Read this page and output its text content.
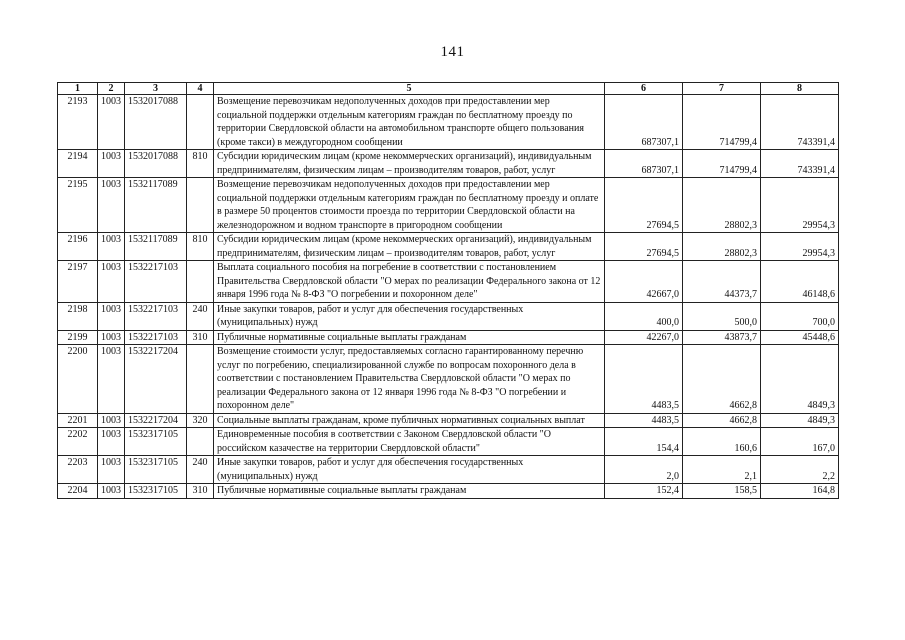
141
1	2	3	4	5	6	7	8
2193	1003	1532017088		Возмещение перевозчикам недополученных доходов при предоставлении мер социальной поддержки отдельным категориям граждан по бесплатному проезду по территории Свердловской области на автомобильном транспорте общего пользования (кроме такси) в междугородном сообщении	687307,1	714799,4	743391,4
2194	1003	1532017088	810	Субсидии юридическим лицам (кроме некоммерческих организаций), индивидуальным предпринимателям, физическим лицам – производителям товаров, работ, услуг	687307,1	714799,4	743391,4
2195	1003	1532117089		Возмещение перевозчикам недополученных доходов при предоставлении мер социальной поддержки отдельным категориям граждан по бесплатному проезду и оплате в размере 50 процентов стоимости проезда по территории Свердловской области на железнодорожном и водном транспорте в пригородном сообщении	27694,5	28802,3	29954,3
2196	1003	1532117089	810	Субсидии юридическим лицам (кроме некоммерческих организаций), индивидуальным предпринимателям, физическим лицам – производителям товаров, работ, услуг	27694,5	28802,3	29954,3
2197	1003	1532217103		Выплата социального пособия на погребение в соответствии с постановлением Правительства Свердловской области "О мерах по реализации Федерального закона от 12 января 1996 года № 8-ФЗ "О погребении и похоронном деле"	42667,0	44373,7	46148,6
2198	1003	1532217103	240	Иные закупки товаров, работ и услуг для обеспечения государственных (муниципальных) нужд	400,0	500,0	700,0
2199	1003	1532217103	310	Публичные нормативные социальные выплаты гражданам	42267,0	43873,7	45448,6
2200	1003	1532217204		Возмещение стоимости услуг, предоставляемых согласно гарантированному перечню услуг по погребению, специализированной службе по вопросам похоронного дела в соответствии с постановлением Правительства Свердловской области "О мерах по реализации Федерального закона от 12 января 1996 года № 8-ФЗ "О погребении и похоронном деле"	4483,5	4662,8	4849,3
2201	1003	1532217204	320	Социальные выплаты гражданам, кроме публичных нормативных социальных выплат	4483,5	4662,8	4849,3
2202	1003	1532317105		Единовременные пособия в соответствии с Законом Свердловской области "О российском казачестве на территории Свердловской области"	154,4	160,6	167,0
2203	1003	1532317105	240	Иные закупки товаров, работ и услуг для обеспечения государственных (муниципальных) нужд	2,0	2,1	2,2
2204	1003	1532317105	310	Публичные нормативные социальные выплаты гражданам	152,4	158,5	164,8
